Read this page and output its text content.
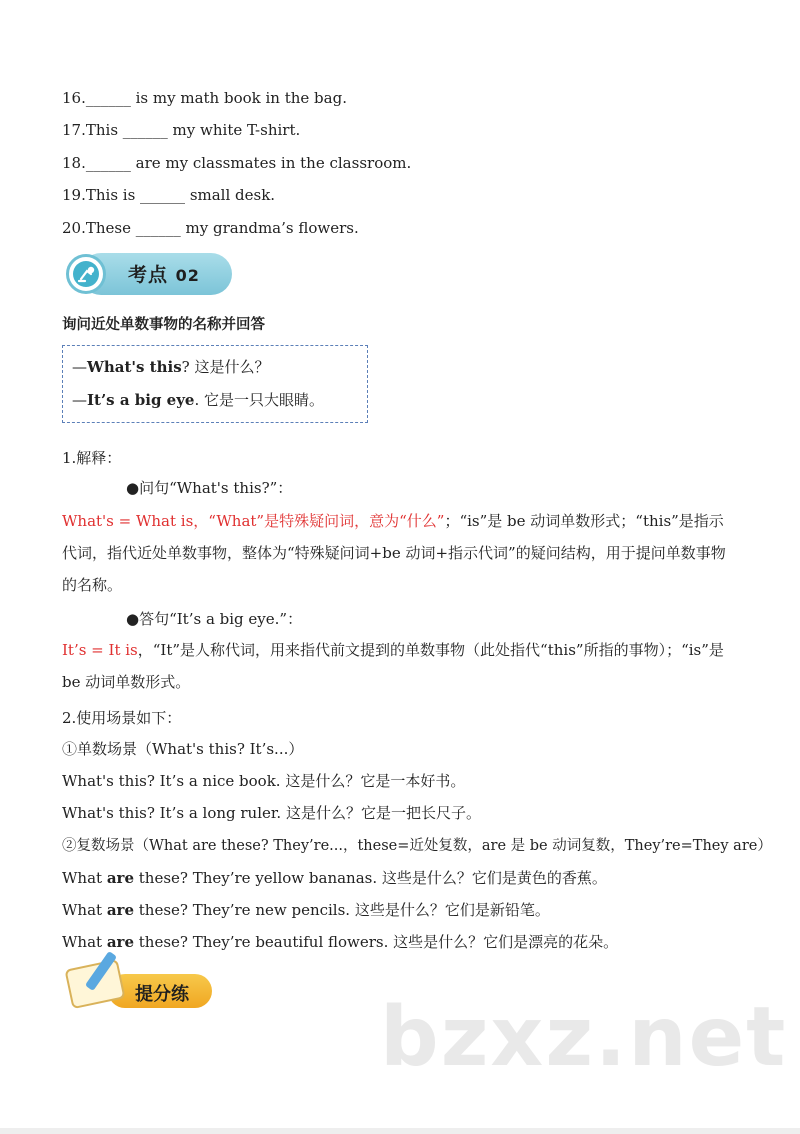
16.______ is my math book in the bag.
17.This ______ my white T-shirt.
18.______ are my classmates in the classroom.
19.This is ______ small desk.
20.These ______ my grandma’s flowers.
考点 02
询问近处单数事物的名称并回答
—What's this? 这是什么？
—It’s a big eye. 它是一只大眼睛。
1.解释：
●问句“What's this?”：
What's = What is，“What”是特殊疑问词，意为“什么”；“is”是 be 动词单数形式；“this”是指示代词，指代近处单数事物，整体为“特殊疑问词+be 动词+指示代词”的疑问结构，用于提问单数事物的名称。
●答句“It’s a big eye.”：
It’s = It is，“It”是人称代词，用来指代前文提到的单数事物（此处指代“this”所指的事物）；“is”是 be 动词单数形式。
2.使用场景如下：
①单数场景（What's this? It’s...）
What's this? It’s a nice book. 这是什么？它是一本好书。
What's this? It’s a long ruler. 这是什么？它是一把长尺子。
②复数场景（What are these? They’re...，these=近处复数，are 是 be 动词复数，They’re=They are）
What are these? They’re yellow bananas. 这些是什么？它们是黄色的香蕉。
What are these? They’re new pencils. 这些是什么？它们是新铅笔。
What are these? They’re beautiful flowers. 这些是什么？它们是漂亮的花朵。
提分练 bzxz.net
